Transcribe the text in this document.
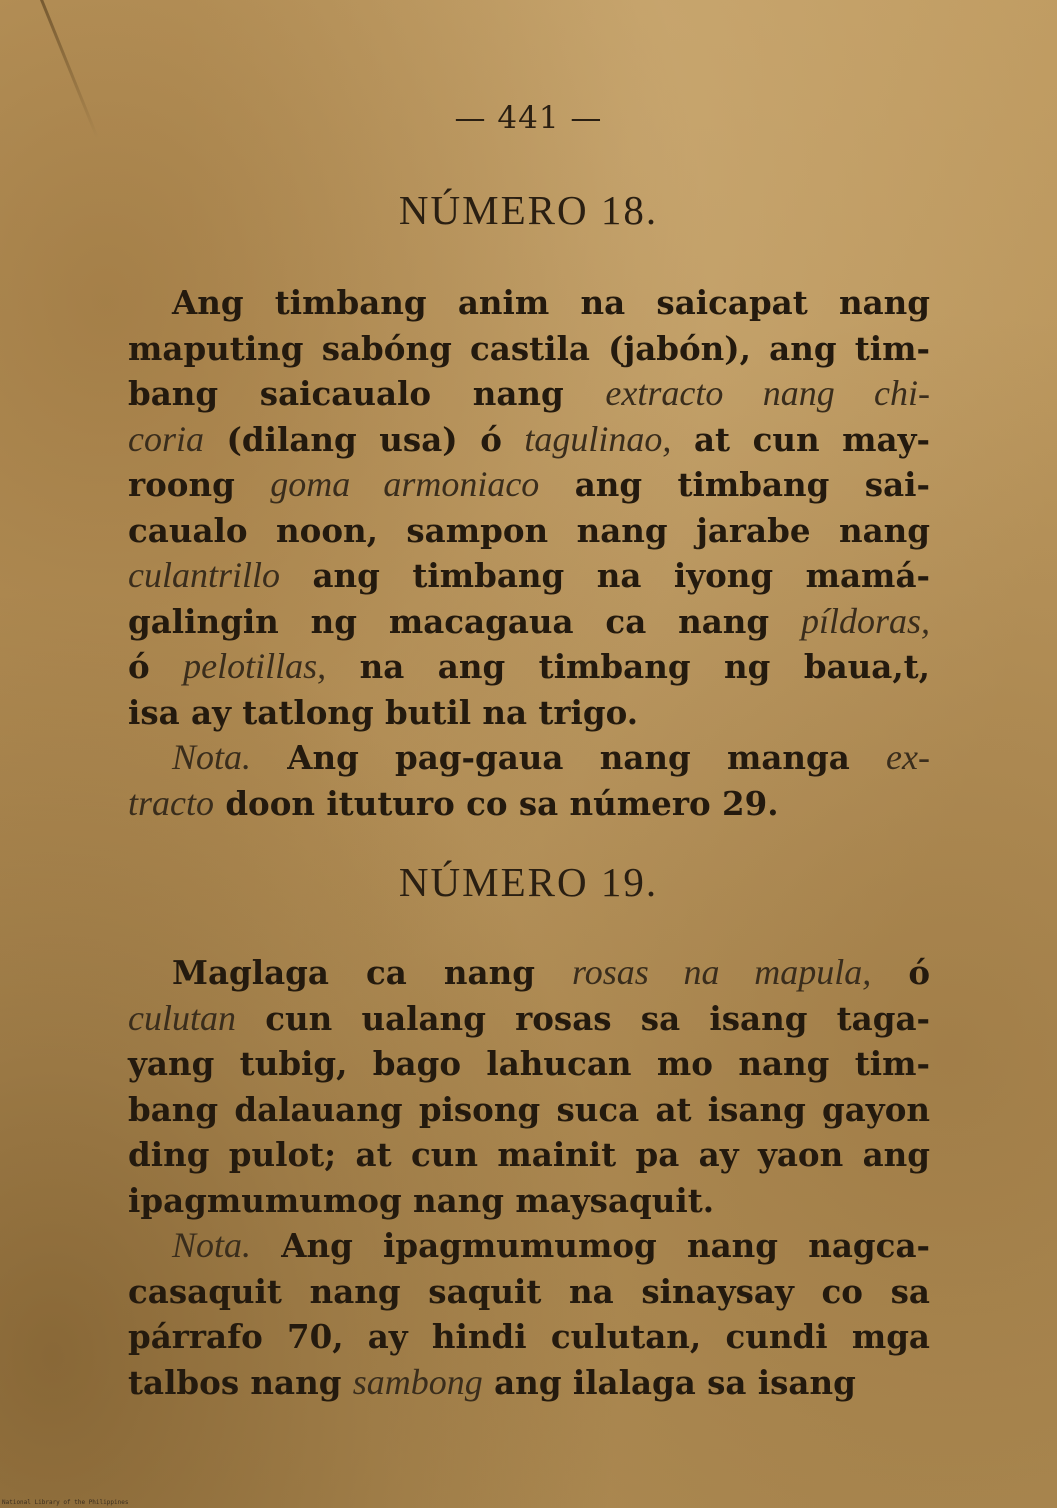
— 441 —
NÚMERO 18.
Ang timbang anim na saicapat nang
maputing sabóng castila (jabón), ang tim-
bang saicaualo nang extracto nang chi-
coria (dilang usa) ó tagulinao, at cun may-
roong goma armoniaco ang timbang sai-
caualo noon, sampon nang jarabe nang
culantrillo ang timbang na iyong mamá-
galingin ng macagaua ca nang píldoras,
ó pelotillas, na ang timbang ng baua,t,
isa ay tatlong butil na trigo.
Nota. Ang pag-gaua nang manga ex-
tracto doon ituturo co sa número 29.
NÚMERO 19.
Maglaga ca nang rosas na mapula, ó
culutan cun ualang rosas sa isang taga-
yang tubig, bago lahucan mo nang tim-
bang dalauang pisong suca at isang gayon
ding pulot; at cun mainit pa ay yaon ang
ipagmumumog nang maysaquit.
Nota. Ang ipagmumumog nang nagca-
casaquit nang saquit na sinaysay co sa
párrafo 70, ay hindi culutan, cundi mga
talbos nang sambong ang ilalaga sa isang
National Library of the Philippines
